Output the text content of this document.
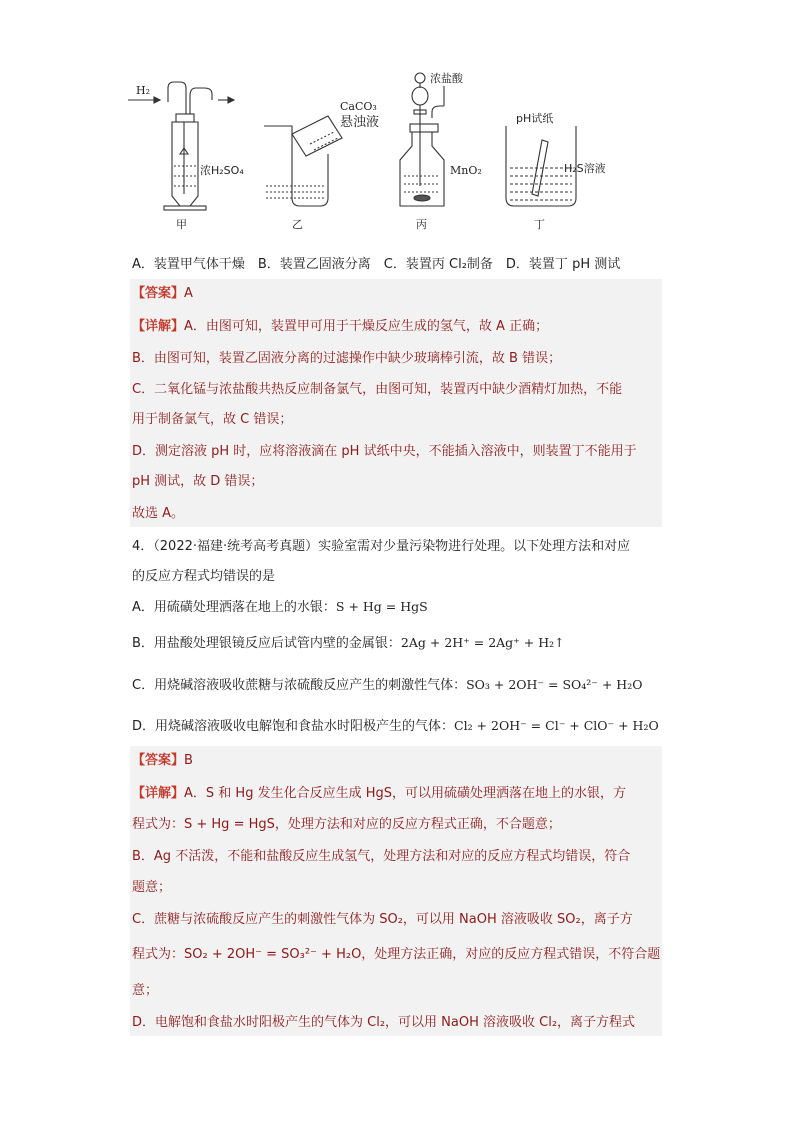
H₂
浓H₂SO₄
CaCO₃
悬浊液
浓盐酸
MnO₂
pH试纸
H₂S溶液
甲	乙	丙	丁
A．装置甲气体干燥　B．装置乙固液分离　C．装置丙 Cl₂制备　D．装置丁 pH 测试
【答案】A
【详解】A．由图可知，装置甲可用于干燥反应生成的氢气，故 A 正确；
B．由图可知，装置乙固液分离的过滤操作中缺少玻璃棒引流，故 B 错误；
C．二氧化锰与浓盐酸共热反应制备氯气，由图可知，装置丙中缺少酒精灯加热，不能
用于制备氯气，故 C 错误；
D．测定溶液 pH 时，应将溶液滴在 pH 试纸中央，不能插入溶液中，则装置丁不能用于
pH 测试，故 D 错误；
故选 A。
4．（2022·福建·统考高考真题）实验室需对少量污染物进行处理。以下处理方法和对应
的反应方程式均错误的是
A．用硫磺处理洒落在地上的水银：S + Hg = HgS
B．用盐酸处理银镜反应后试管内壁的金属银：2Ag + 2H⁺ = 2Ag⁺ + H₂↑
C．用烧碱溶液吸收蔗糖与浓硫酸反应产生的刺激性气体：SO₃ + 2OH⁻ = SO₄²⁻ + H₂O
D．用烧碱溶液吸收电解饱和食盐水时阳极产生的气体：Cl₂ + 2OH⁻ = Cl⁻ + ClO⁻ + H₂O
【答案】B
【详解】A．S 和 Hg 发生化合反应生成 HgS，可以用硫磺处理洒落在地上的水银，方
程式为：S + Hg = HgS，处理方法和对应的反应方程式正确，不合题意；
B．Ag 不活泼，不能和盐酸反应生成氢气，处理方法和对应的反应方程式均错误，符合
题意；
C．蔗糖与浓硫酸反应产生的刺激性气体为 SO₂，可以用 NaOH 溶液吸收 SO₂，离子方
程式为：SO₂ + 2OH⁻ = SO₃²⁻ + H₂O，处理方法正确，对应的反应方程式错误，不符合题
意；
D．电解饱和食盐水时阳极产生的气体为 Cl₂，可以用 NaOH 溶液吸收 Cl₂，离子方程式
